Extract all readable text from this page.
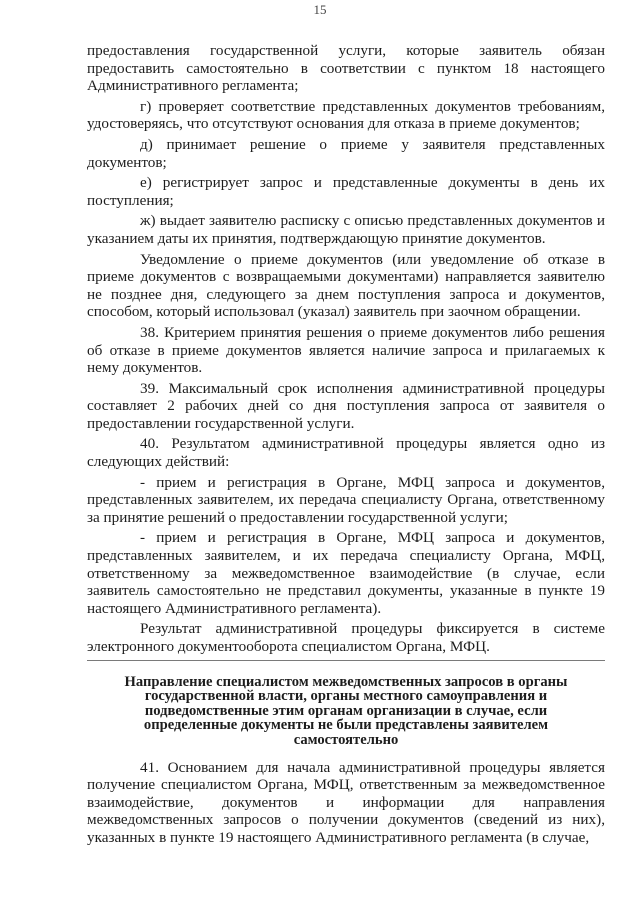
15

предоставления государственной услуги, которые заявитель обязан предоставить самостоятельно в соответствии с пунктом 18 настоящего Административного регламента;

г) проверяет соответствие представленных документов требованиям, удостоверяясь, что отсутствуют основания для отказа в приеме документов;

д) принимает решение о приеме у заявителя представленных документов;

е) регистрирует запрос и представленные документы в день их поступления;

ж) выдает заявителю расписку с описью представленных документов и указанием даты их принятия, подтверждающую принятие документов.

Уведомление о приеме документов (или уведомление об отказе в приеме документов с возвращаемыми документами) направляется заявителю не позднее дня, следующего за днем поступления запроса и документов, способом, который использовал (указал) заявитель при заочном обращении.

38. Критерием принятия решения о приеме документов либо решения об отказе в приеме документов является наличие запроса и прилагаемых к нему документов.

39. Максимальный срок исполнения административной процедуры составляет 2 рабочих дней со дня поступления запроса от заявителя о предоставлении государственной услуги.

40. Результатом административной процедуры является одно из следующих действий:

- прием и регистрация в Органе, МФЦ запроса и документов, представленных заявителем, их передача специалисту Органа, ответственному за принятие решений о предоставлении государственной услуги;

- прием и регистрация в Органе, МФЦ запроса и документов, представленных заявителем, и их передача специалисту Органа, МФЦ, ответственному за межведомственное взаимодействие (в случае, если заявитель самостоятельно не представил документы, указанные в пункте 19 настоящего Административного регламента).

Результат административной процедуры фиксируется в системе электронного документооборота специалистом Органа, МФЦ.

Направление специалистом межведомственных запросов в органы государственной власти, органы местного самоуправления и подведомственные этим органам организации в случае, если определенные документы не были представлены заявителем самостоятельно

41. Основанием для начала административной процедуры является получение специалистом Органа, МФЦ, ответственным за межведомственное взаимодействие, документов и информации для направления межведомственных запросов о получении документов (сведений из них), указанных в пункте 19 настоящего Административного регламента (в случае,
